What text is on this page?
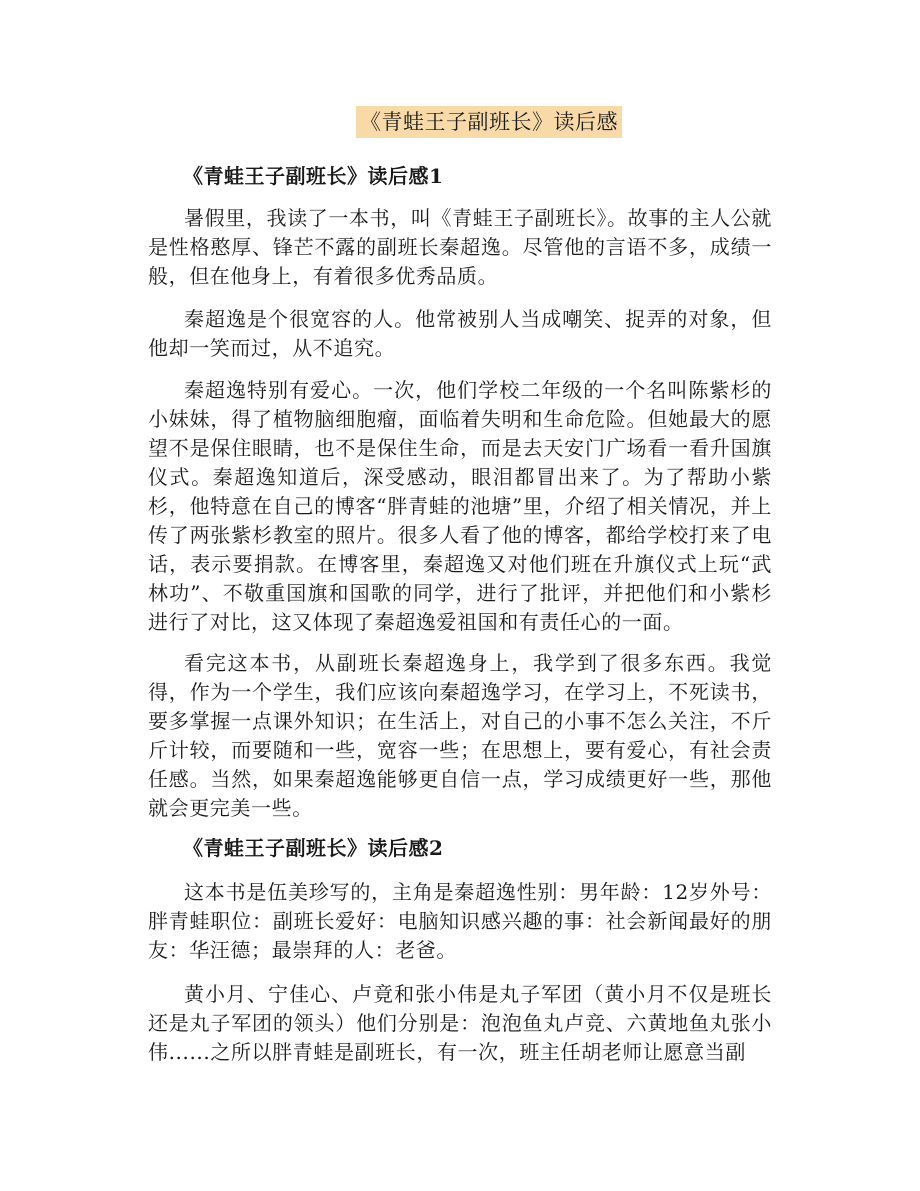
《青蛙王子副班长》读后感
《青蛙王子副班长》读后感1
暑假里，我读了一本书，叫《青蛙王子副班长》。故事的主人公就是性格憨厚、锋芒不露的副班长秦超逸。尽管他的言语不多，成绩一般，但在他身上，有着很多优秀品质。
秦超逸是个很宽容的人。他常被别人当成嘲笑、捉弄的对象，但他却一笑而过，从不追究。
秦超逸特别有爱心。一次，他们学校二年级的一个名叫陈紫杉的小妹妹，得了植物脑细胞瘤，面临着失明和生命危险。但她最大的愿望不是保住眼睛，也不是保住生命，而是去天安门广场看一看升国旗仪式。秦超逸知道后，深受感动，眼泪都冒出来了。为了帮助小紫杉，他特意在自己的博客“胖青蛙的池塘”里，介绍了相关情况，并上传了两张紫杉教室的照片。很多人看了他的博客，都给学校打来了电话，表示要捐款。在博客里，秦超逸又对他们班在升旗仪式上玩“武林功”、不敬重国旗和国歌的同学，进行了批评，并把他们和小紫杉进行了对比，这又体现了秦超逸爱祖国和有责任心的一面。
看完这本书，从副班长秦超逸身上，我学到了很多东西。我觉得，作为一个学生，我们应该向秦超逸学习，在学习上，不死读书，要多掌握一点课外知识；在生活上，对自己的小事不怎么关注，不斤斤计较，而要随和一些，宽容一些；在思想上，要有爱心，有社会责任感。当然，如果秦超逸能够更自信一点，学习成绩更好一些，那他就会更完美一些。
《青蛙王子副班长》读后感2
这本书是伍美珍写的，主角是秦超逸性别：男年龄：12岁外号：胖青蛙职位：副班长爱好：电脑知识感兴趣的事：社会新闻最好的朋友：华汪德；最崇拜的人：老爸。
黄小月、宁佳心、卢竟和张小伟是丸子军团（黄小月不仅是班长还是丸子军团的领头）他们分别是：泡泡鱼丸卢竞、六黄地鱼丸张小伟......之所以胖青蛙是副班长，有一次，班主任胡老师让愿意当副
